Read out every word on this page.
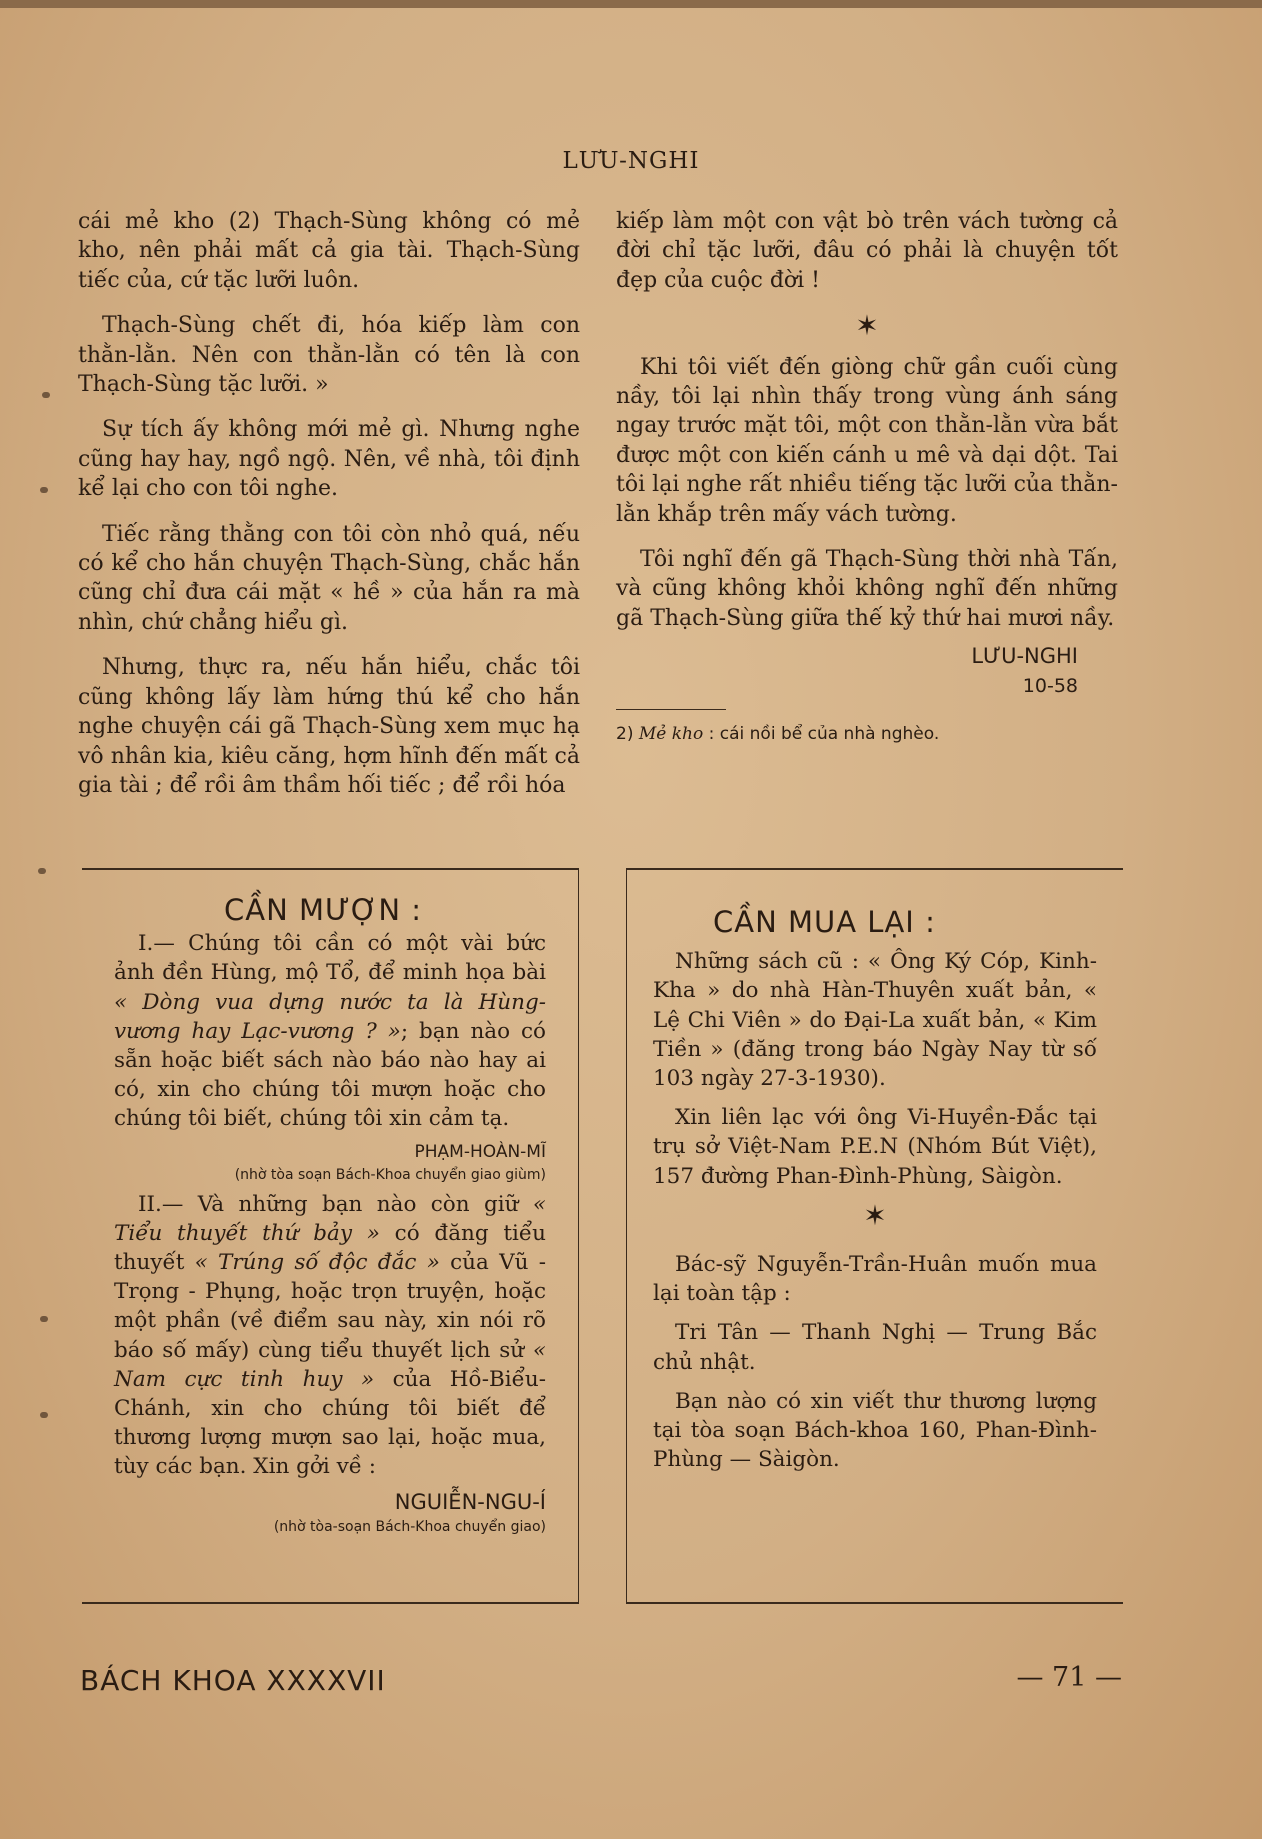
LƯU-NGHI

cái mẻ kho (2) Thạch-Sùng không có mẻ kho, nên phải mất cả gia tài. Thạch-Sùng tiếc của, cứ tặc lưỡi luôn.

Thạch-Sùng chết đi, hóa kiếp làm con thằn-lằn. Nên con thằn-lằn có tên là con Thạch-Sùng tặc lưỡi. »

Sự tích ấy không mới mẻ gì. Nhưng nghe cũng hay hay, ngồ ngộ. Nên, về nhà, tôi định kể lại cho con tôi nghe.

Tiếc rằng thằng con tôi còn nhỏ quá, nếu có kể cho hắn chuyện Thạch-Sùng, chắc hắn cũng chỉ đưa cái mặt « hề » của hắn ra mà nhìn, chứ chẳng hiểu gì.

Nhưng, thực ra, nếu hắn hiểu, chắc tôi cũng không lấy làm hứng thú kể cho hắn nghe chuyện cái gã Thạch-Sùng xem mục hạ vô nhân kia, kiêu căng, hợm hĩnh đến mất cả gia tài ; để rồi âm thầm hối tiếc ; để rồi hóa

kiếp làm một con vật bò trên vách tường cả đời chỉ tặc lưỡi, đâu có phải là chuyện tốt đẹp của cuộc đời !

✶

Khi tôi viết đến giòng chữ gần cuối cùng nầy, tôi lại nhìn thấy trong vùng ánh sáng ngay trước mặt tôi, một con thằn-lằn vừa bắt được một con kiến cánh u mê và dại dột. Tai tôi lại nghe rất nhiều tiếng tặc lưỡi của thằn-lằn khắp trên mấy vách tường.

Tôi nghĩ đến gã Thạch-Sùng thời nhà Tấn, và cũng không khỏi không nghĩ đến những gã Thạch-Sùng giữa thế kỷ thứ hai mươi nầy.

LƯU-NGHI
10-58
2) Mẻ kho : cái nồi bể của nhà nghèo.
CẦN MƯỢN :

I.— Chúng tôi cần có một vài bức ảnh đền Hùng, mộ Tổ, để minh họa bài « Dòng vua dựng nước ta là Hùng-vương hay Lạc-vương ? »; bạn nào có sẵn hoặc biết sách nào báo nào hay ai có, xin cho chúng tôi mượn hoặc cho chúng tôi biết, chúng tôi xin cảm tạ.

PHẠM-HOÀN-MĨ
(nhờ tòa soạn Bách-Khoa chuyển giao giùm)

II.— Và những bạn nào còn giữ « Tiểu thuyết thứ bảy » có đăng tiểu thuyết « Trúng số độc đắc » của Vũ - Trọng - Phụng, hoặc trọn truyện, hoặc một phần (về điểm sau này, xin nói rõ báo số mấy) cùng tiểu thuyết lịch sử « Nam cực tinh huy » của Hồ-Biểu-Chánh, xin cho chúng tôi biết để thương lượng mượn sao lại, hoặc mua, tùy các bạn. Xin gởi về :

NGUIỄN-NGU-Í
(nhờ tòa-soạn Bách-Khoa chuyển giao)
CẦN MUA LẠI :

Những sách cũ : « Ông Ký Cóp, Kinh-Kha » do nhà Hàn-Thuyên xuất bản, « Lệ Chi Viên » do Đại-La xuất bản, « Kim Tiền » (đăng trong báo Ngày Nay từ số 103 ngày 27-3-1930).

Xin liên lạc với ông Vi-Huyền-Đắc tại trụ sở Việt-Nam P.E.N (Nhóm Bút Việt), 157 đường Phan-Đình-Phùng, Sàigòn.

✶

Bác-sỹ Nguyễn-Trần-Huân muốn mua lại toàn tập :

Tri Tân — Thanh Nghị — Trung Bắc chủ nhật.

Bạn nào có xin viết thư thương lượng tại tòa soạn Bách-khoa 160, Phan-Đình-Phùng — Sàigòn.

BÁCH KHOA XXXXVII	— 71 —
